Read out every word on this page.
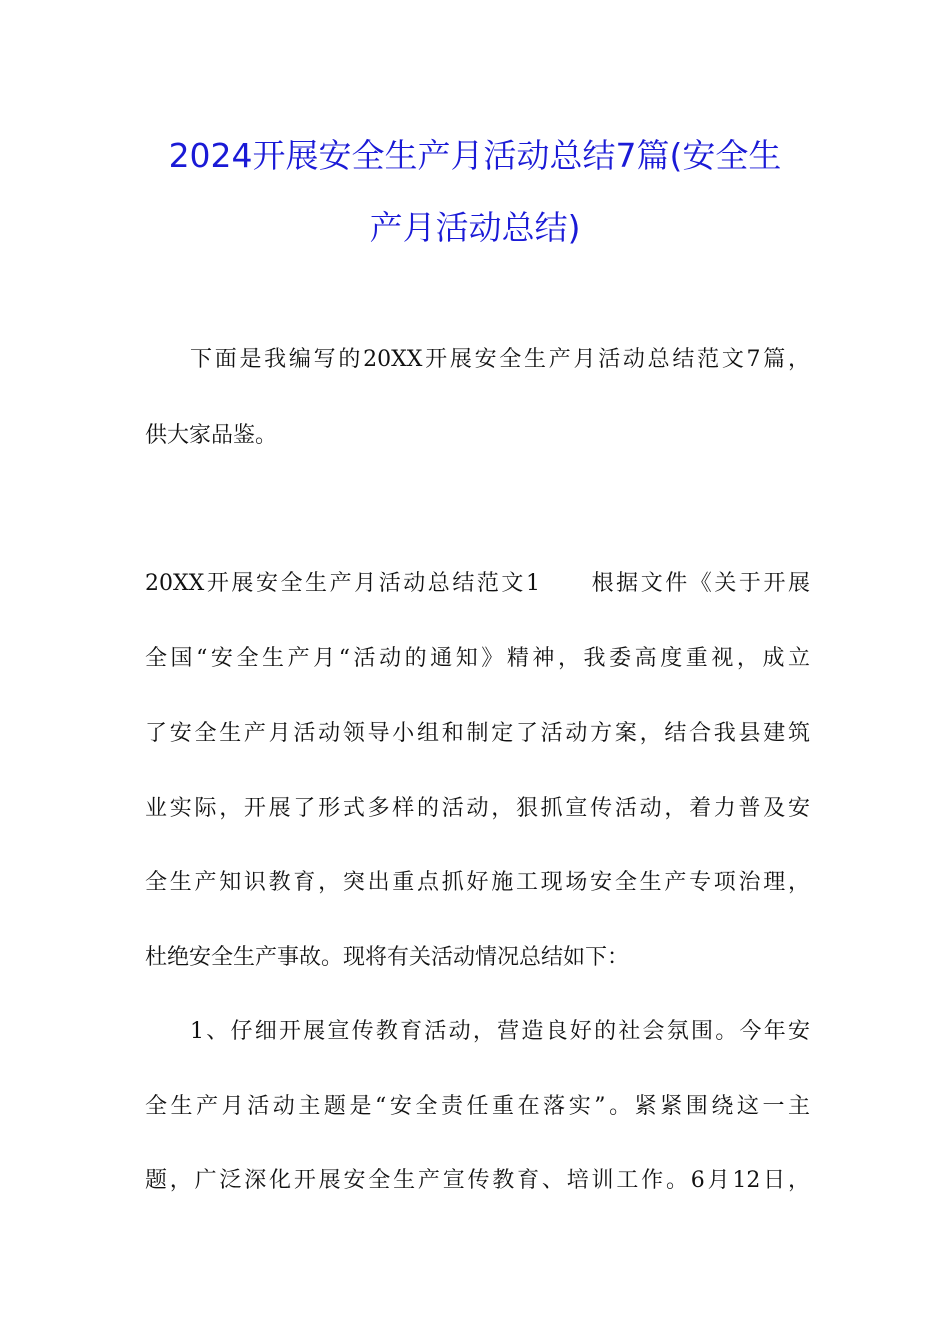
2024开展安全生产月活动总结7篇(安全生
产月活动总结)
下面是我编写的20XX开展安全生产月活动总结范文7篇，
供大家品鉴。
20XX开展安全生产月活动总结范文1　　根据文件《关于开展
全国“安全生产月“活动的通知》精神，我委高度重视，成立
了安全生产月活动领导小组和制定了活动方案，结合我县建筑
业实际，开展了形式多样的活动，狠抓宣传活动，着力普及安
全生产知识教育，突出重点抓好施工现场安全生产专项治理，
杜绝安全生产事故。现将有关活动情况总结如下：
1、仔细开展宣传教育活动，营造良好的社会氛围。今年安
全生产月活动主题是“安全责任重在落实”。紧紧围绕这一主
题，广泛深化开展安全生产宣传教育、培训工作。6月12日，
